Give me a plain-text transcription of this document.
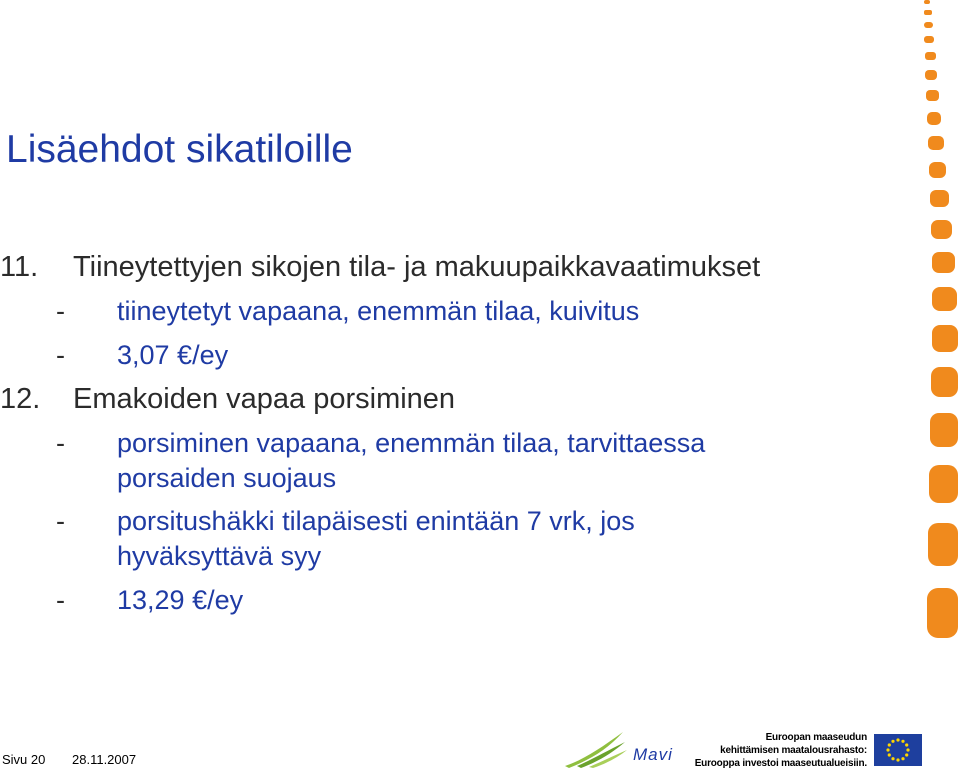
Lisäehdot sikatiloille
11. Tiineytettyjen sikojen tila- ja makuupaikkavaatimukset
- tiineytetyt vapaana, enemmän tilaa, kuivitus
- 3,07 €/ey
12. Emakoiden vapaa porsiminen
- porsiminen vapaana, enemmän tilaa, tarvittaessa
porsaiden suojaus
- porsitushäkki tilapäisesti enintään 7 vrk, jos
hyväksyttävä syy
- 13,29 €/ey
Sivu 20 28.11.2007	Mavi
Euroopan maaseudun
kehittämisen maatalousrahasto:
Eurooppa investoi maaseutualueisiin.
